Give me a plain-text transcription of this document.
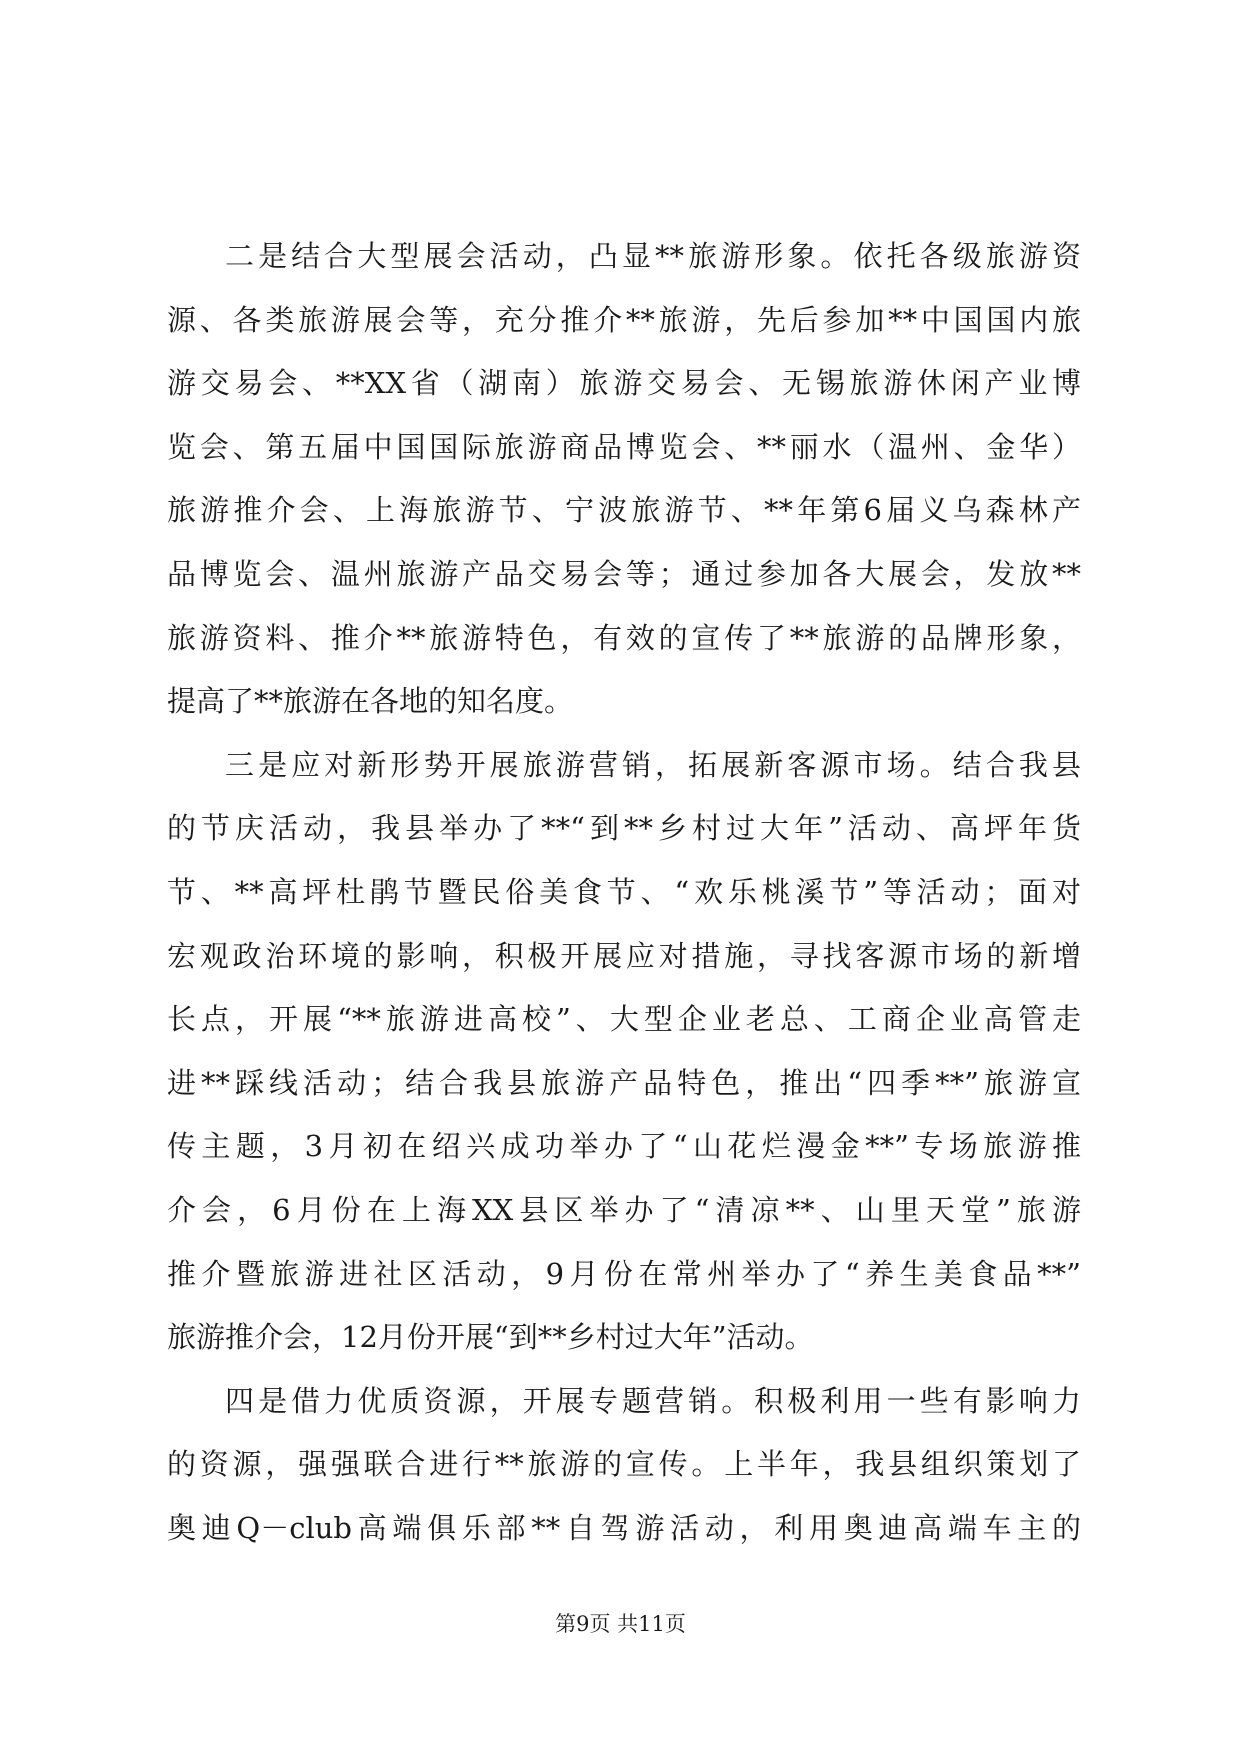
二是结合大型展会活动，凸显**旅游形象。依托各级旅游资
源、各类旅游展会等，充分推介**旅游，先后参加**中国国内旅
游交易会、**XX省（湖南）旅游交易会、无锡旅游休闲产业博
览会、第五届中国国际旅游商品博览会、**丽水（温州、金华）
旅游推介会、上海旅游节、宁波旅游节、**年第6届义乌森林产
品博览会、温州旅游产品交易会等；通过参加各大展会，发放**
旅游资料、推介**旅游特色，有效的宣传了**旅游的品牌形象，
提高了**旅游在各地的知名度。
三是应对新形势开展旅游营销，拓展新客源市场。结合我县
的节庆活动，我县举办了**“到**乡村过大年”活动、高坪年货
节、**高坪杜鹃节暨民俗美食节、“欢乐桃溪节”等活动；面对
宏观政治环境的影响，积极开展应对措施，寻找客源市场的新增
长点，开展“**旅游进高校”、大型企业老总、工商企业高管走
进**踩线活动；结合我县旅游产品特色，推出“四季**”旅游宣
传主题，3月初在绍兴成功举办了“山花烂漫金**”专场旅游推
介会，6月份在上海XX县区举办了“清凉**、山里天堂”旅游
推介暨旅游进社区活动，9月份在常州举办了“养生美食品**”
旅游推介会，12月份开展“到**乡村过大年”活动。
四是借力优质资源，开展专题营销。积极利用一些有影响力
的资源，强强联合进行**旅游的宣传。上半年，我县组织策划了
奥迪Q－club高端俱乐部**自驾游活动，利用奥迪高端车主的
第9页 共11页
